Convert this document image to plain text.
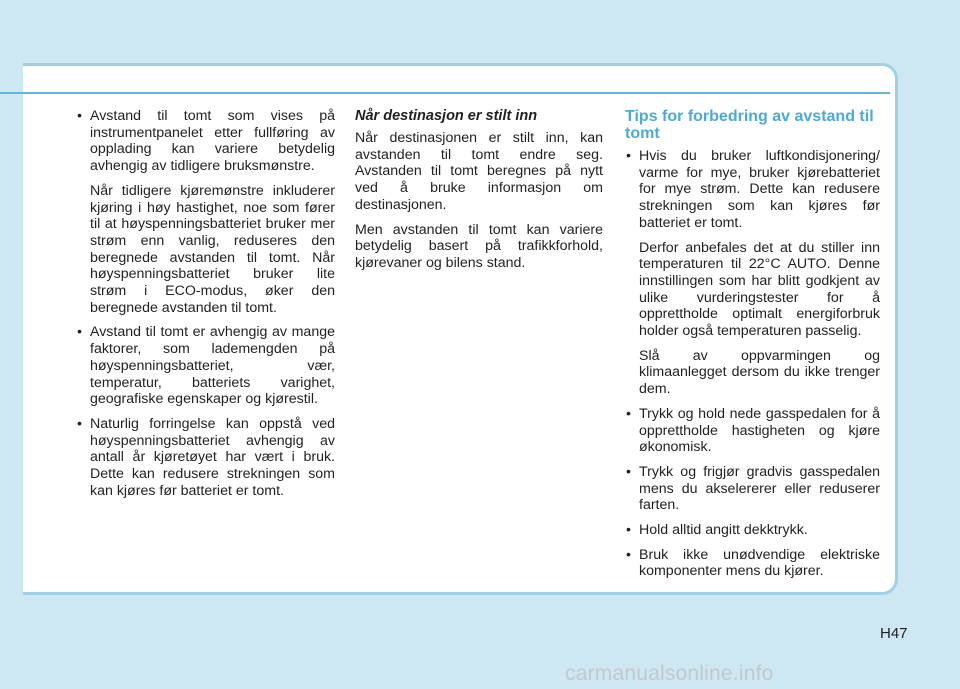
• Avstand til tomt som vises på instrumentpanelet etter fullføring av opplading kan variere betydelig avhengig av tidligere bruksmønstre.

Når tidligere kjøremønstre inkluderer kjøring i høy hastighet, noe som fører til at høyspenningsbatteriet bruker mer strøm enn vanlig, reduseres den beregnede avstanden til tomt. Når høyspenningsbatteriet bruker lite strøm i ECO-modus, øker den beregnede avstanden til tomt.

• Avstand til tomt er avhengig av mange faktorer, som lademengden på høyspenningsbatteriet, vær, temperatur, batteriets varighet, geografiske egenskaper og kjørestil.
• Naturlig forringelse kan oppstå ved høyspenningsbatteriet avhengig av antall år kjøretøyet har vært i bruk. Dette kan redusere strekningen som kan kjøres før batteriet er tomt.
Når destinasjon er stilt inn

Når destinasjonen er stilt inn, kan avstanden til tomt endre seg. Avstanden til tomt beregnes på nytt ved å bruke informasjon om destinasjonen.

Men avstanden til tomt kan variere betydelig basert på trafikkforhold, kjørevaner og bilens stand.

Tips for forbedring av avstand til tomt

• Hvis du bruker luftkondisjonering/ varme for mye, bruker kjørebatteriet for mye strøm. Dette kan redusere strekningen som kan kjøres før batteriet er tomt.

Derfor anbefales det at du stiller inn temperaturen til 22°C AUTO. Denne innstillingen som har blitt godkjent av ulike vurderingstester for å opprettholde optimalt energiforbruk holder også temperaturen passelig.

Slå av oppvarmingen og klimaanlegget dersom du ikke trenger dem.

• Trykk og hold nede gasspedalen for å opprettholde hastigheten og kjøre økonomisk.
• Trykk og frigjør gradvis gasspedalen mens du akselererer eller reduserer farten.
• Hold alltid angitt dekktrykk.
• Bruk ikke unødvendige elektriske komponenter mens du kjører.
H47
carmanualsonline.info
